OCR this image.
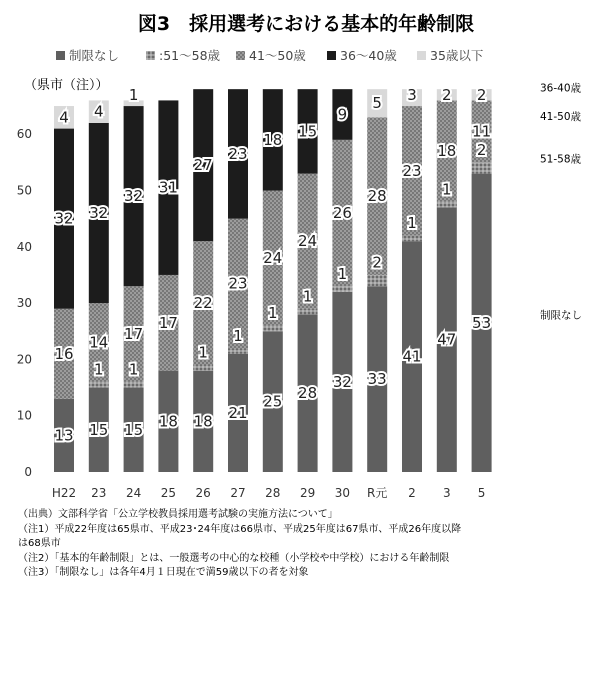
図3　採用選考における基本的年齢制限
制限なし	:51～58歳 41～50歳	36～40歳	35歳以下
（県市（注））
0
10
20
30
40
50
60
13
16
32
4
15
1
14
32
4
15
1
17
32
1
18
17
31
18
1
22
27
21
1
23
23
25
1
24
18
28
1
24
15
32
1
26
9
33
2
28
5
41
1
23
3
47
1
18
2
53
2
11
2
H22 23 24 25 26 27 28 29 30 R元 2 3 5
36-40歳
41-50歳
51-58歳
制限なし
（出典）文部科学省「公立学校教員採用選考試験の実施方法について」
（注1）平成22年度は65県市、平成23･24年度は66県市、平成25年度は67県市、平成26年度以降
は68県市
（注2）「基本的年齢制限」とは、一般選考の中心的な校種（小学校や中学校）における年齢制限
（注3）「制限なし」は各年4月１日現在で満59歳以下の者を対象
